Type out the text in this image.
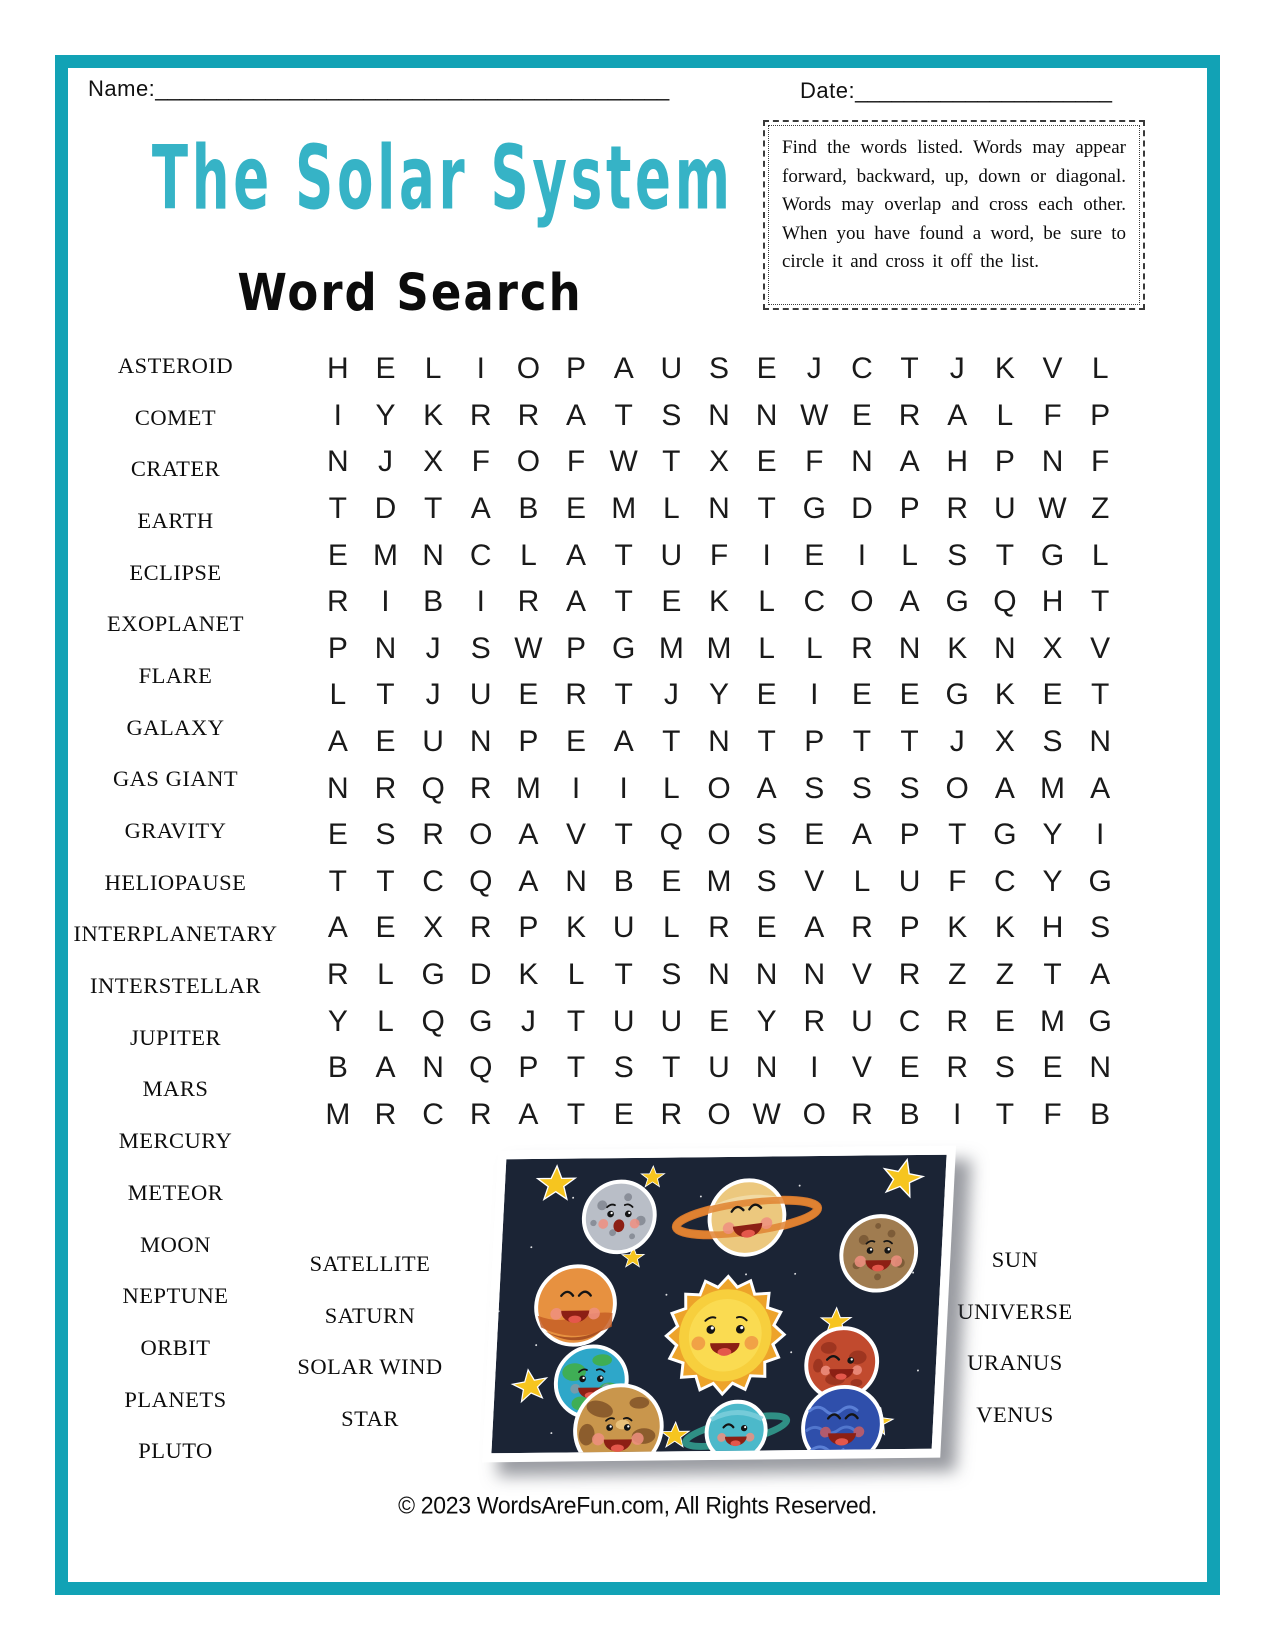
Name:__________________________________________	Date:_____________________
The Solar System
Word Search
Find the words listed. Words may appear forward, backward, up, down or diagonal. Words may overlap and cross each other. When you have found a word, be sure to circle it and cross it off the list.
ASTEROID
COMET
CRATER
EARTH
ECLIPSE
EXOPLANET
FLARE
GALAXY
GAS GIANT
GRAVITY
HELIOPAUSE
INTERPLANETARY
INTERSTELLAR
JUPITER
MARS
MERCURY
METEOR
MOON
NEPTUNE
ORBIT
PLANETS
PLUTO
H E L	I	O P A U S E	J C T	J	K V L
I	Y K R R A T S N N W E R A L	F P
N J	X F O F W T X E F N A H P N F
T D T A B E M L N T G D P R U W Z
E M N C L A T U F	I	E	I	L S T G L
R	I	B	I	R A T E K L C O A G Q H T
P N J	S W P G M M L	L R N K N X V
L	T	J U E R T	J	Y E	I	E E G K E T
A E U N P E A T N T P T T	J	X S N
N R Q R M	I	I	L O A S S S O A M A
E S R O A V T Q O S E A P T G Y	I
T T C Q A N B E M S V L U F C Y G
A E X R P K U L R E A R P K K H S
R L G D K L	T S N N N V R Z Z T A
Y L Q G J	T U U E Y R U C R E M G
B A N Q P T S T U N	I	V E R S E N
M R C R A T E R O W O R B	I	T F B
SATELLITE
SATURN
SOLAR WIND
STAR
SUN
UNIVERSE
URANUS
VENUS
© 2023 WordsAreFun.com, All Rights Reserved.
